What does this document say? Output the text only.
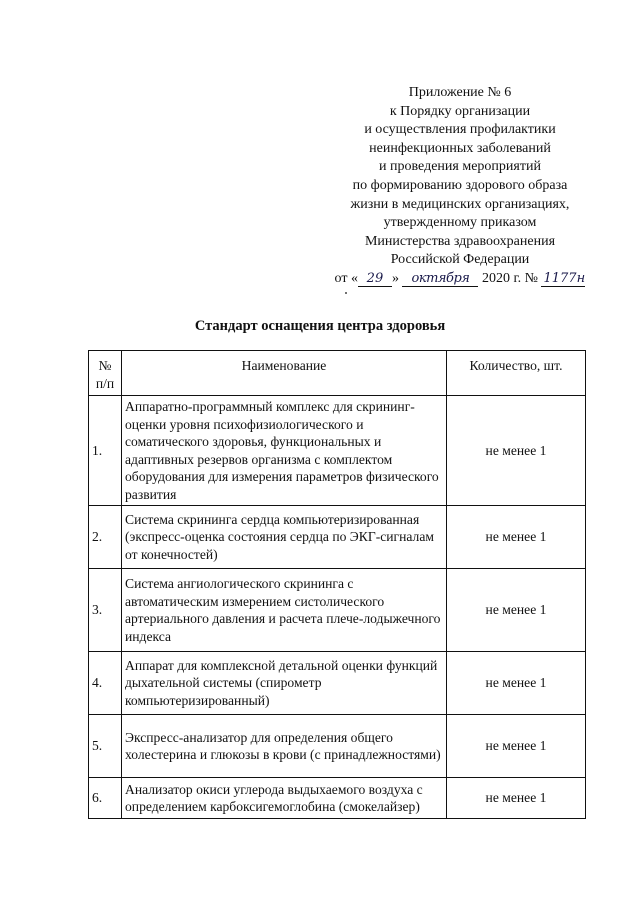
Приложение № 6
к Порядку организации
и осуществления профилактики
неинфекционных заболеваний
и проведения мероприятий
по формированию здорового образа
жизни в медицинских организациях,
утвержденному приказом
Министерства здравоохранения
Российской Федерации
от « 29 » октября 2020 г. № 1177н
Стандарт оснащения центра здоровья
№ п/п	Наименование	Количество, шт.
1.	Аппаратно-программный комплекс для скрининг-оценки уровня психофизиологического и соматического здоровья, функциональных и адаптивных резервов организма с комплектом оборудования для измерения параметров физического развития	не менее 1
2.	Система скрининга сердца компьютеризированная (экспресс-оценка состояния сердца по ЭКГ-сигналам от конечностей)	не менее 1
3.	Система ангиологического скрининга с автоматическим измерением систолического артериального давления и расчета плече-лодыжечного индекса	не менее 1
4.	Аппарат для комплексной детальной оценки функций дыхательной системы (спирометр компьютеризированный)	не менее 1
5.	Экспресс-анализатор для определения общего холестерина и глюкозы в крови (с принадлежностями)	не менее 1
6.	Анализатор окиси углерода выдыхаемого воздуха с определением карбоксигемоглобина (смокелайзер)	не менее 1
